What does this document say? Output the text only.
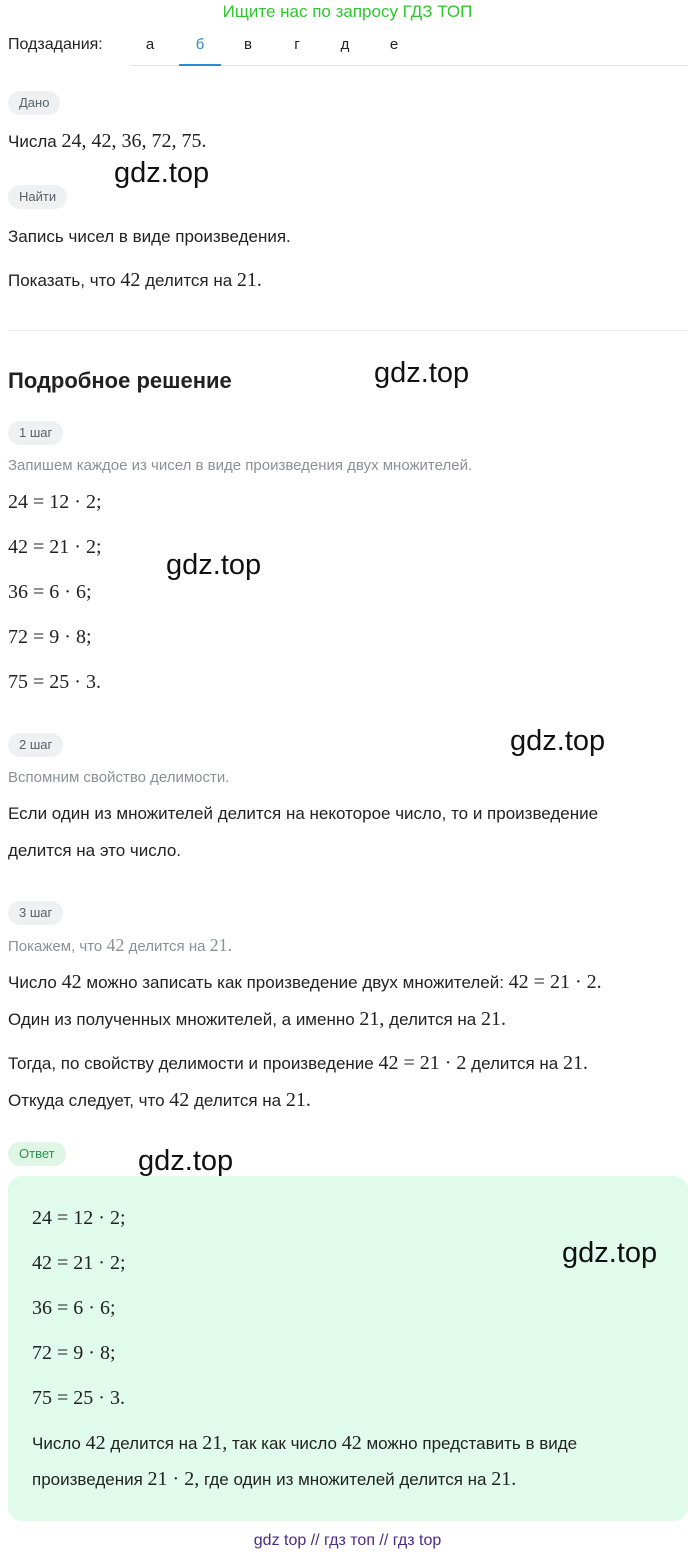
Ищите нас по запросу ГДЗ ТОП
Подзадания:	а	б	в	г	д	е
Дано
Числа 24, 42, 36, 72, 75.
Найти
Запись чисел в виде произведения.
Показать, что 42 делится на 21.
Подробное решение
1 шаг
Запишем каждое из чисел в виде произведения двух множителей.
24 = 12 · 2;
42 = 21 · 2;
36 = 6 · 6;
72 = 9 · 8;
75 = 25 · 3.
2 шаг
Вспомним свойство делимости.
Если один из множителей делится на некоторое число, то и произведение
делится на это число.
3 шаг
Покажем, что 42 делится на 21.
Число 42 можно записать как произведение двух множителей: 42 = 21 · 2.
Один из полученных множителей, а именно 21, делится на 21.
Тогда, по свойству делимости и произведение 42 = 21 · 2 делится на 21.
Откуда следует, что 42 делится на 21.
Ответ
24 = 12 · 2;
42 = 21 · 2;
36 = 6 · 6;
72 = 9 · 8;
75 = 25 · 3.
Число 42 делится на 21, так как число 42 можно представить в виде
произведения 21 · 2, где один из множителей делится на 21.
gdz.top
gdz.top
gdz.top
gdz.top
gdz.top
gdz.top
gdz top // гдз топ // гдз top
